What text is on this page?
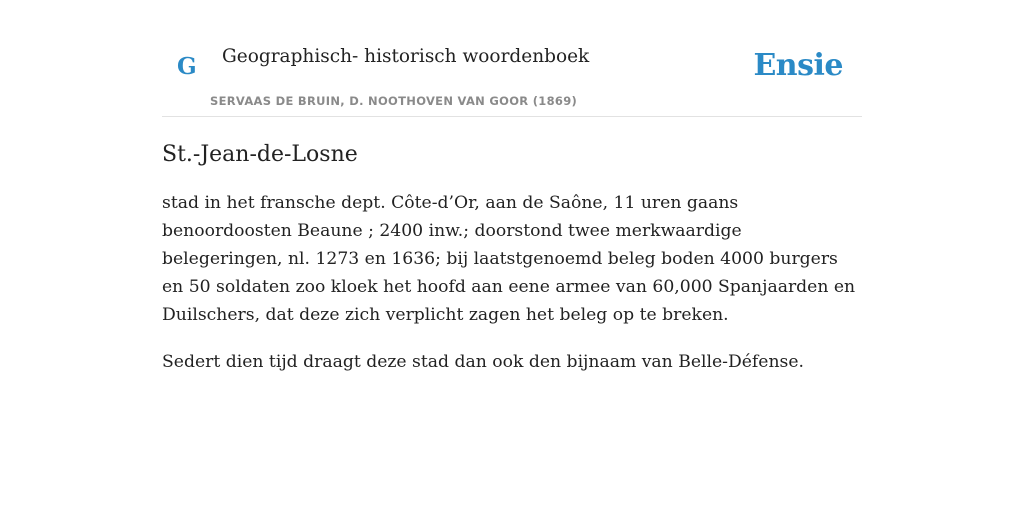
G Geographisch- historisch woordenboek
SERVAAS DE BRUIN, D. NOOTHOVEN VAN GOOR (1869)
Ensie
St.-Jean-de-Losne

stad in het fransche dept. Côte-d’Or, aan de Saône, 11 uren gaans benoordoosten Beaune ; 2400 inw.; doorstond twee merkwaardige belegeringen, nl. 1273 en 1636; bij laatstgenoemd beleg boden 4000 burgers en 50 soldaten zoo kloek het hoofd aan eene armee van 60,000 Spanjaarden en Duilschers, dat deze zich verplicht zagen het beleg op te breken.

Sedert dien tijd draagt deze stad dan ook den bijnaam van Belle-Défense.
